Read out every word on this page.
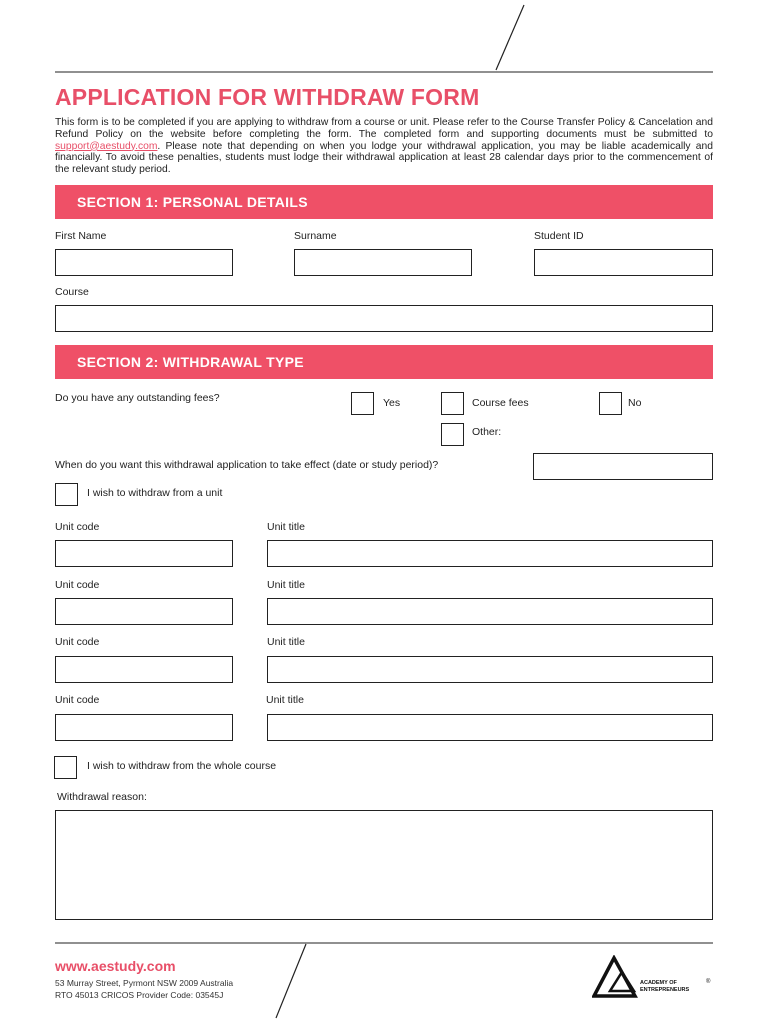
APPLICATION FOR WITHDRAW FORM
This form is to be completed if you are applying to withdraw from a course or unit. Please refer to the Course Transfer Policy & Cancelation and Refund Policy on the website before completing the form. The completed form and supporting documents must be submitted to support@aestudy.com. Please note that depending on when you lodge your withdrawal application, you may be liable academically and financially. To avoid these penalties, students must lodge their withdrawal application at least 28 calendar days prior to the commencement of the relevant study period.
SECTION 1: PERSONAL DETAILS
First Name	Surname	Student ID
Course
SECTION 2: WITHDRAWAL TYPE
Do you have any outstanding fees?	Yes	Course fees	No
Other:
When do you want this withdrawal application to take effect (date or study period)?
I wish to withdraw from a unit
Unit code	Unit title
Unit code	Unit title
Unit code	Unit title
Unit code	Unit title
I wish to withdraw from the whole course
Withdrawal reason:
www.aestudy.com
53 Murray Street, Pyrmont NSW 2009 Australia
RTO 45013 CRICOS Provider Code: 03545J
ACADEMY OF
ENTREPRENEURS
®
